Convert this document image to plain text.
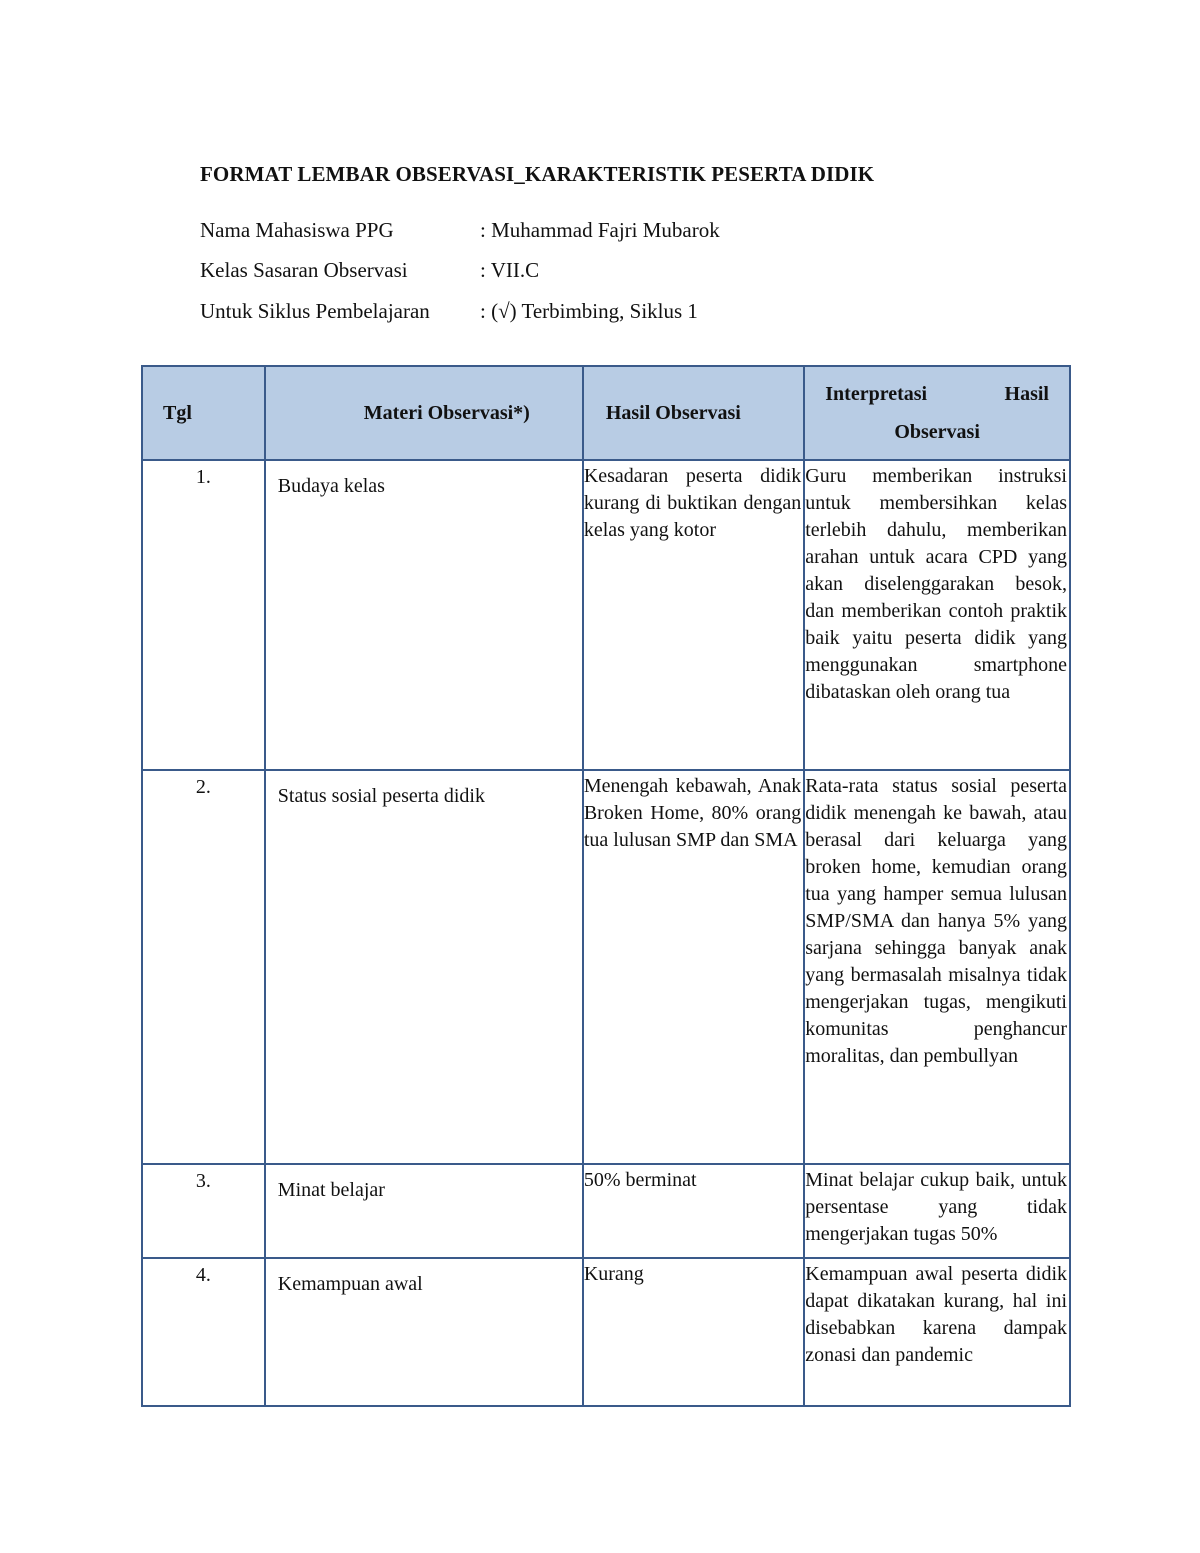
FORMAT LEMBAR OBSERVASI_KARAKTERISTIK PESERTA DIDIK
Nama Mahasiswa PPG	: Muhammad Fajri Mubarok
Kelas Sasaran Observasi	: VII.C
Untuk Siklus Pembelajaran : (√) Terbimbing, Siklus 1
Tgl	Materi Observasi*)	Hasil Observasi	Interpretasi Hasil Observasi
1.	Budaya kelas	Kesadaran peserta didik kurang di buktikan dengan kelas yang kotor	Guru memberikan instruksi untuk membersihkan kelas terlebih dahulu, memberikan arahan untuk acara CPD yang akan diselenggarakan besok, dan memberikan contoh praktik baik yaitu peserta didik yang menggunakan smartphone dibataskan oleh orang tua
2.	Status sosial peserta didik	Menengah kebawah, Anak Broken Home, 80% orang tua lulusan SMP dan SMA	Rata-rata status sosial peserta didik menengah ke bawah, atau berasal dari keluarga yang broken home, kemudian orang tua yang hamper semua lulusan SMP/SMA dan hanya 5% yang sarjana sehingga banyak anak yang bermasalah misalnya tidak mengerjakan tugas, mengikuti komunitas penghancur moralitas, dan pembullyan
3.	Minat belajar	50% berminat	Minat belajar cukup baik, untuk persentase yang tidak mengerjakan tugas 50%
4.	Kemampuan awal	Kurang	Kemampuan awal peserta didik dapat dikatakan kurang, hal ini disebabkan karena dampak zonasi dan pandemic
